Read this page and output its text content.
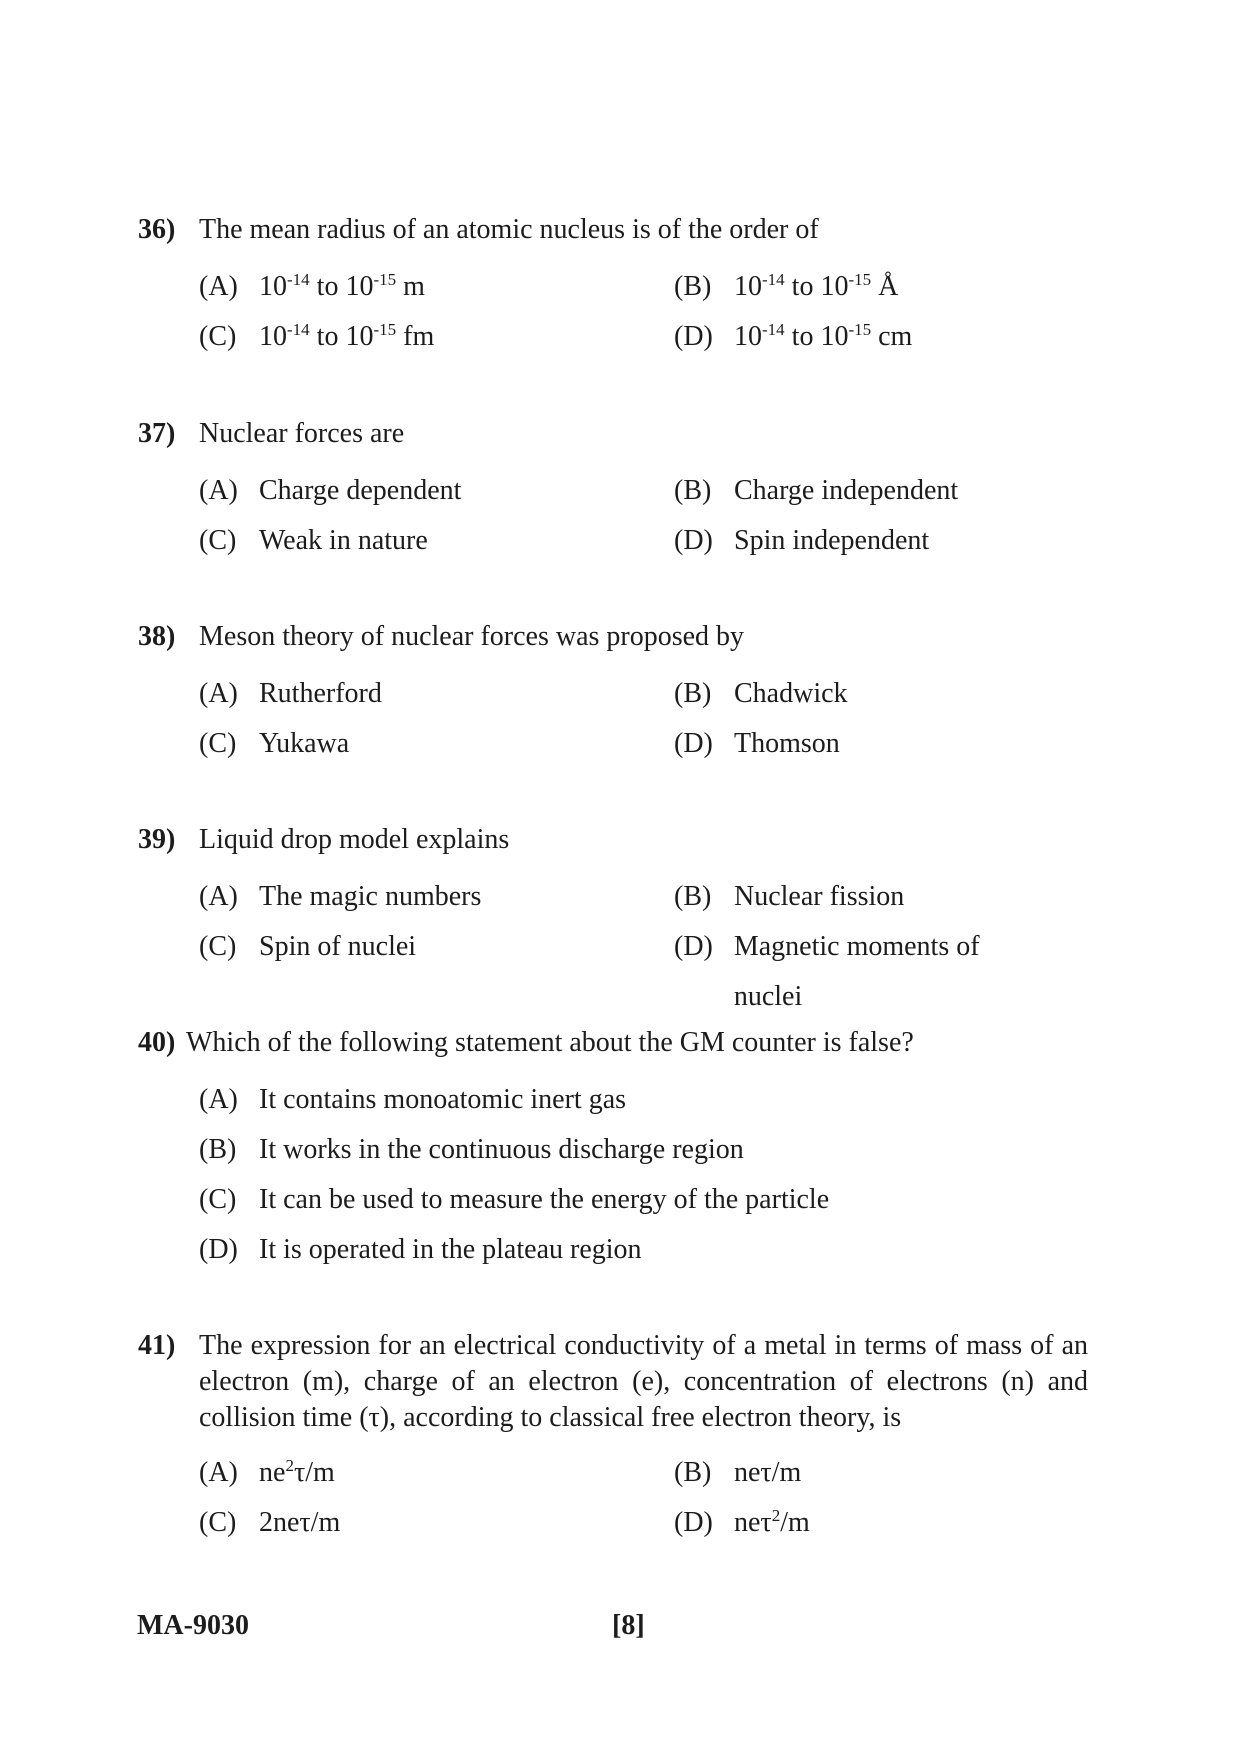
36) The mean radius of an atomic nucleus is of the order of
(A) $10^{-14}$ to $10^{-15}$ m	(B) $10^{-14}$ to $10^{-15}$ Å
(C) $10^{-14}$ to $10^{-15}$ fm	(D) $10^{-14}$ to $10^{-15}$ cm
37) Nuclear forces are
(A) Charge dependent	(B) Charge independent
(C) Weak in nature	(D) Spin independent
38) Meson theory of nuclear forces was proposed by
(A) Rutherford	(B) Chadwick
(C) Yukawa	(D) Thomson
39) Liquid drop model explains
(A) The magic numbers	(B) Nuclear fission
(C) Spin of nuclei	(D) Magnetic moments of nuclei
40) Which of the following statement about the GM counter is false?
(A) It contains monoatomic inert gas
(B) It works in the continuous discharge region
(C) It can be used to measure the energy of the particle
(D) It is operated in the plateau region
41) The expression for an electrical conductivity of a metal in terms of mass of an electron (m), charge of an electron (e), concentration of electrons (n) and collision time (τ), according to classical free electron theory, is
(A) $ne^2\tau/m$	(B) neτ/m
(C) 2neτ/m	(D) neτ$^2$/m
MA-9030	[8]
